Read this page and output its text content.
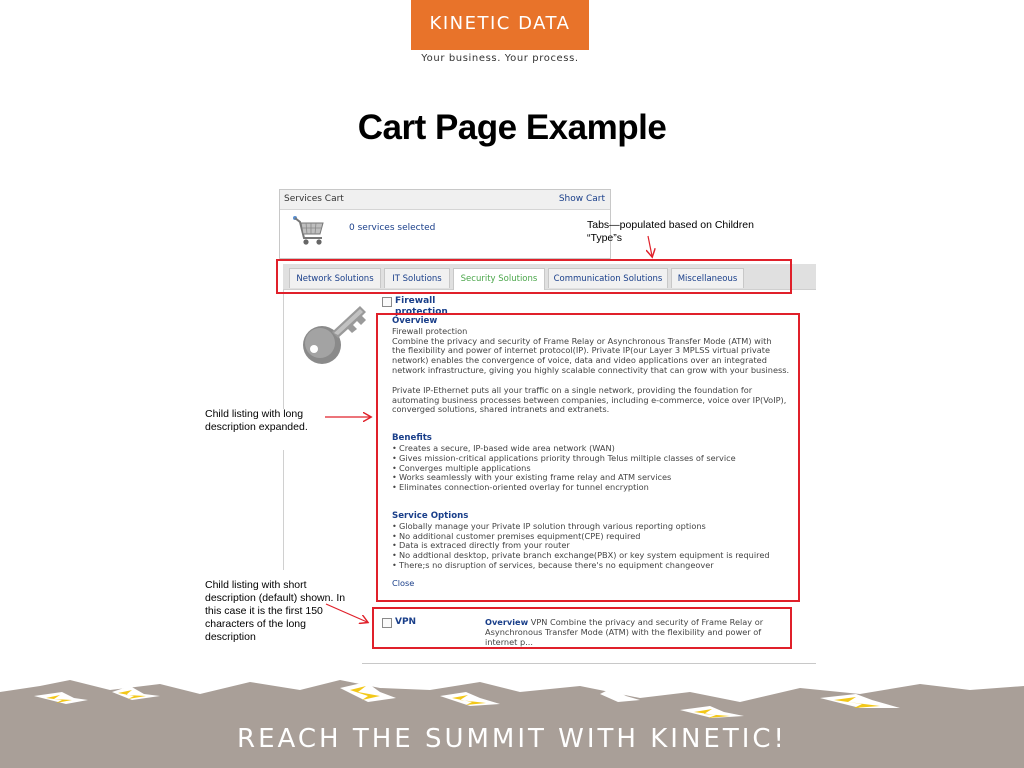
KINETIC DATA
Your business. Your process.
Cart Page Example
Services Cart	Show Cart
0 services selected
Network Solutions	IT Solutions	Security Solutions	Communication Solutions	Miscellaneous
Firewall
protection

Overview

Firewall protection

Combine the privacy and security of Frame Relay or Asynchronous Transfer Mode (ATM) with

the flexibility and power of internet protocol(IP). Private IP(our Layer 3 MPLSS virtual private

network) enables the convergence of voice, data and video applications over an integrated

network infrastructure, giving you highly scalable connectivity that can grow with your business.

Private IP-Ethernet puts all your traffic on a single network, providing the foundation for

automating business processes between companies, including e-commerce, voice over IP(VoIP),

converged solutions, shared intranets and extranets.

Benefits

• Creates a secure, IP-based wide area network (WAN)
• Gives mission-critical applications priority through Telus miltiple classes of service
• Converges multiple applications
• Works seamlessly with your existing frame relay and ATM services
• Eliminates connection-oriented overlay for tunnel encryption

Service Options

• Globally manage your Private IP solution through various reporting options
• No additional customer premises equipment(CPE) required
• Data is extraced directly from your router
• No addtional desktop, private branch exchange(PBX) or key system equipment is required
• There;s no disruption of services, because there's no equipment changeover

Close

VPN	Overview VPN Combine the privacy and security of Frame Relay or Asynchronous Transfer Mode (ATM) with the flexibility and power of internet p...
Tabs—populated based on Children “Type”s
Child listing with long description expanded.
Child listing with short description (default) shown. In this case it is the first 150 characters of the long description
REACH THE SUMMIT WITH KINETIC!
